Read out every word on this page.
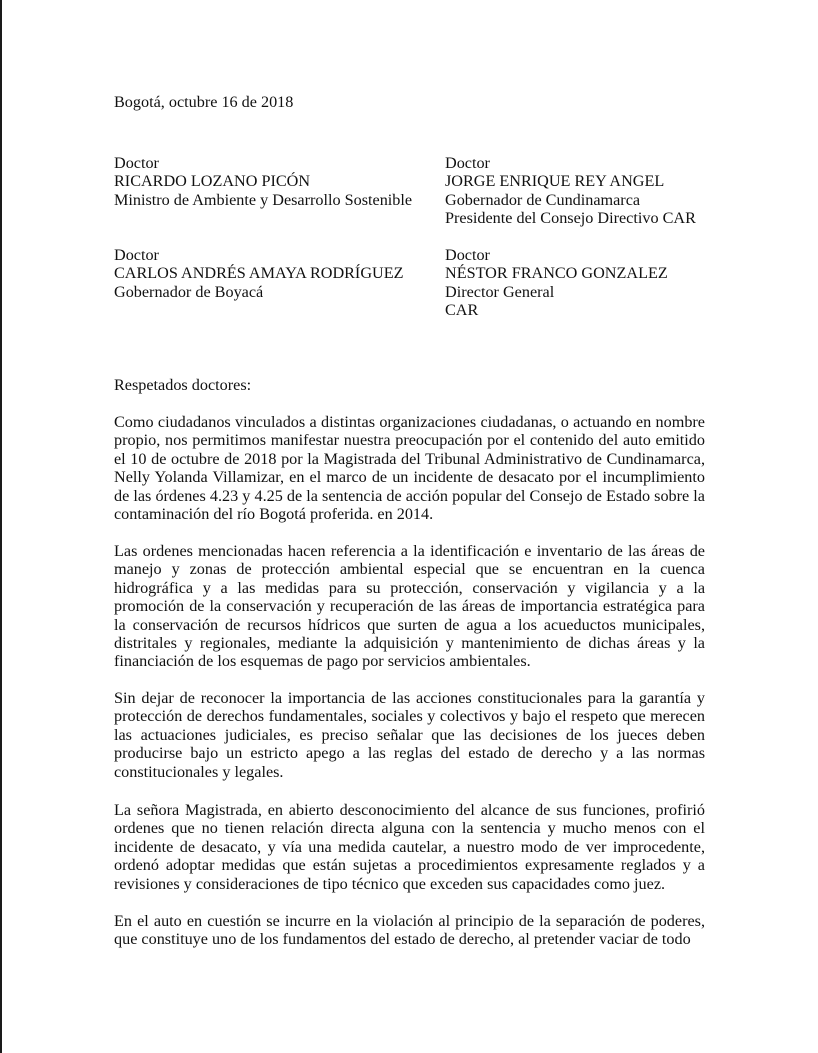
Bogotá, octubre 16 de 2018
Doctor
RICARDO LOZANO PICÓN
Ministro de Ambiente y Desarrollo Sostenible
Doctor
JORGE ENRIQUE REY ANGEL
Gobernador de Cundinamarca
Presidente del Consejo Directivo CAR
Doctor
CARLOS ANDRÉS AMAYA RODRÍGUEZ
Gobernador de Boyacá
Doctor
NÉSTOR FRANCO GONZALEZ
Director General
CAR
Respetados doctores:

Como ciudadanos vinculados a distintas organizaciones ciudadanas, o actuando en nombre propio, nos permitimos manifestar nuestra preocupación por el contenido del auto emitido el 10 de octubre de 2018 por la Magistrada del Tribunal Administrativo de Cundinamarca, Nelly Yolanda Villamizar, en el marco de un incidente de desacato por el incumplimiento de las órdenes 4.23 y 4.25 de la sentencia de acción popular del Consejo de Estado sobre la contaminación del río Bogotá proferida. en 2014.

Las ordenes mencionadas hacen referencia a la identificación e inventario de las áreas de manejo y zonas de protección ambiental especial que se encuentran en la cuenca hidrográfica y a las medidas para su protección, conservación y vigilancia y a la promoción de la conservación y recuperación de las áreas de importancia estratégica para la conservación de recursos hídricos que surten de agua a los acueductos municipales, distritales y regionales, mediante la adquisición y mantenimiento de dichas áreas y la financiación de los esquemas de pago por servicios ambientales.

Sin dejar de reconocer la importancia de las acciones constitucionales para la garantía y protección de derechos fundamentales, sociales y colectivos y bajo el respeto que merecen las actuaciones judiciales, es preciso señalar que las decisiones de los jueces deben producirse bajo un estricto apego a las reglas del estado de derecho y a las normas constitucionales y legales.

La señora Magistrada, en abierto desconocimiento del alcance de sus funciones, profirió ordenes que no tienen relación directa alguna con la sentencia y mucho menos con el incidente de desacato, y vía una medida cautelar, a nuestro modo de ver improcedente, ordenó adoptar medidas que están sujetas a procedimientos expresamente reglados y a revisiones y consideraciones de tipo técnico que exceden sus capacidades como juez.

En el auto en cuestión se incurre en la violación al principio de la separación de poderes, que constituye uno de los fundamentos del estado de derecho, al pretender vaciar de todo
